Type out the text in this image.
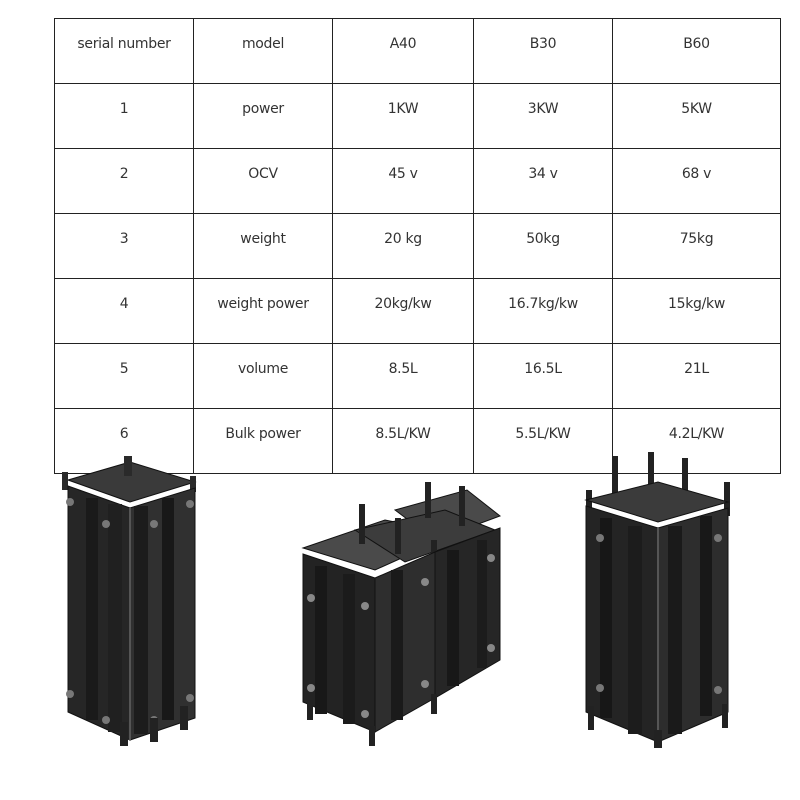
serial number	model	A40	B30	B60
1	power	1KW	3KW	5KW
2	OCV	45 v	34 v	68 v
3	weight	20 kg	50kg	75kg
4	weight power	20kg/kw	16.7kg/kw	15kg/kw
5	volume	8.5L	16.5L	21L
6	Bulk power	8.5L/KW	5.5L/KW	4.2L/KW
